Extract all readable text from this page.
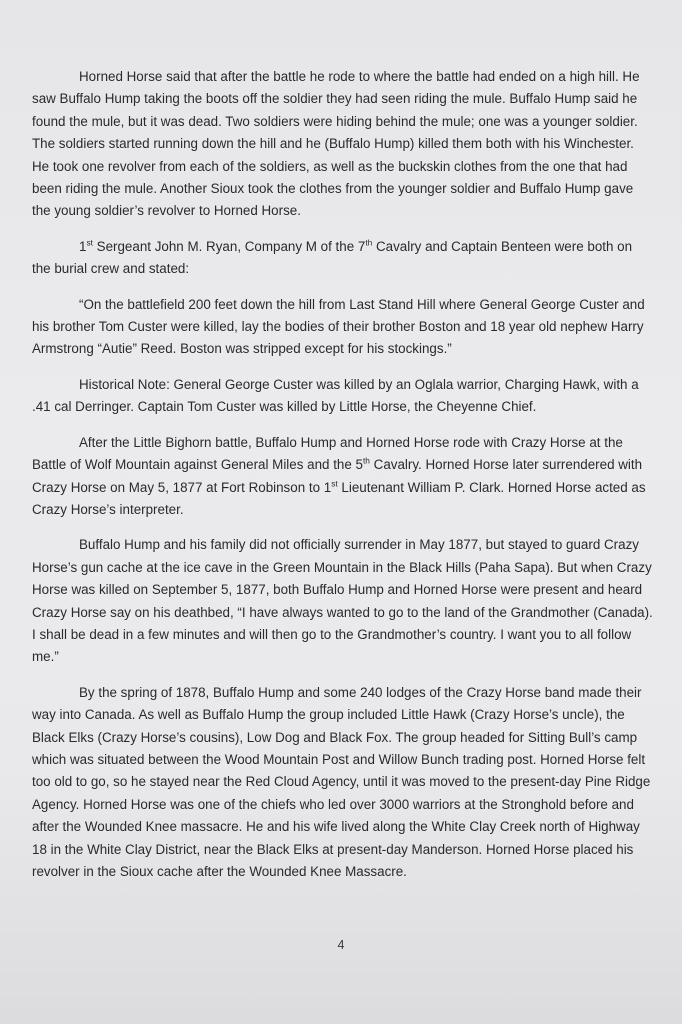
Horned Horse said that after the battle he rode to where the battle had ended on a high hill. He saw Buffalo Hump taking the boots off the soldier they had seen riding the mule. Buffalo Hump said he found the mule, but it was dead. Two soldiers were hiding behind the mule; one was a younger soldier. The soldiers started running down the hill and he (Buffalo Hump) killed them both with his Winchester. He took one revolver from each of the soldiers, as well as the buckskin clothes from the one that had been riding the mule. Another Sioux took the clothes from the younger soldier and Buffalo Hump gave the young soldier’s revolver to Horned Horse.

1st Sergeant John M. Ryan, Company M of the 7th Cavalry and Captain Benteen were both on the burial crew and stated:

“On the battlefield 200 feet down the hill from Last Stand Hill where General George Custer and his brother Tom Custer were killed, lay the bodies of their brother Boston and 18 year old nephew Harry Armstrong “Autie” Reed. Boston was stripped except for his stockings.”

Historical Note: General George Custer was killed by an Oglala warrior, Charging Hawk, with a .41 cal Derringer. Captain Tom Custer was killed by Little Horse, the Cheyenne Chief.

After the Little Bighorn battle, Buffalo Hump and Horned Horse rode with Crazy Horse at the Battle of Wolf Mountain against General Miles and the 5th Cavalry. Horned Horse later surrendered with Crazy Horse on May 5, 1877 at Fort Robinson to 1st Lieutenant William P. Clark. Horned Horse acted as Crazy Horse’s interpreter.

Buffalo Hump and his family did not officially surrender in May 1877, but stayed to guard Crazy Horse’s gun cache at the ice cave in the Green Mountain in the Black Hills (Paha Sapa). But when Crazy Horse was killed on September 5, 1877, both Buffalo Hump and Horned Horse were present and heard Crazy Horse say on his deathbed, “I have always wanted to go to the land of the Grandmother (Canada). I shall be dead in a few minutes and will then go to the Grandmother’s country. I want you to all follow me.”

By the spring of 1878, Buffalo Hump and some 240 lodges of the Crazy Horse band made their way into Canada. As well as Buffalo Hump the group included Little Hawk (Crazy Horse’s uncle), the Black Elks (Crazy Horse’s cousins), Low Dog and Black Fox. The group headed for Sitting Bull’s camp which was situated between the Wood Mountain Post and Willow Bunch trading post. Horned Horse felt too old to go, so he stayed near the Red Cloud Agency, until it was moved to the present-day Pine Ridge Agency. Horned Horse was one of the chiefs who led over 3000 warriors at the Stronghold before and after the Wounded Knee massacre. He and his wife lived along the White Clay Creek north of Highway 18 in the White Clay District, near the Black Elks at present-day Manderson. Horned Horse placed his revolver in the Sioux cache after the Wounded Knee Massacre.

4
